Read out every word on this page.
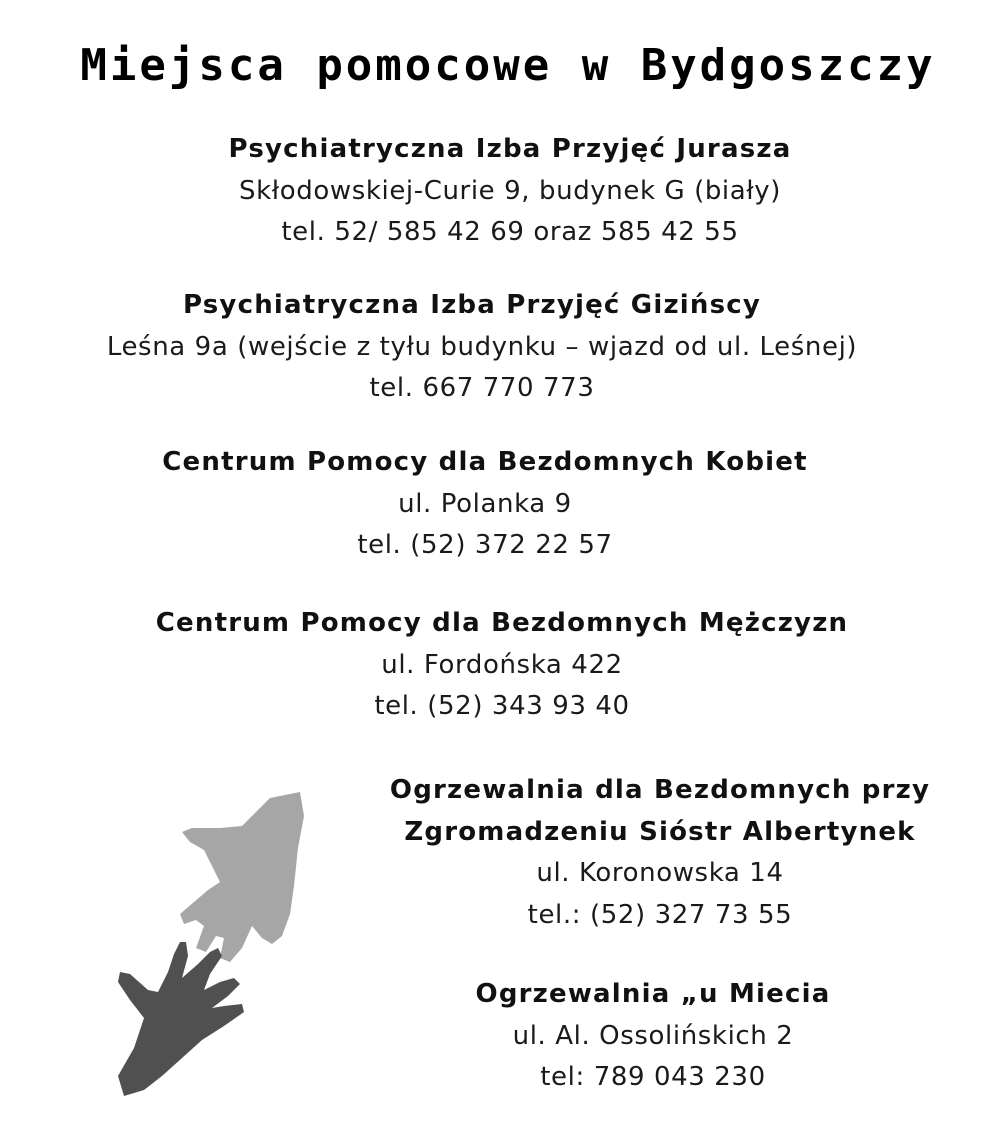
Miejsca pomocowe w Bydgoszczy
Psychiatryczna Izba Przyjęć Jurasza
Skłodowskiej-Curie 9, budynek G (biały)
tel. 52/ 585 42 69 oraz 585 42 55
Psychiatryczna Izba Przyjęć Gizińscy
Leśna 9a (wejście z tyłu budynku – wjazd od ul. Leśnej)
tel. 667 770 773
Centrum Pomocy dla Bezdomnych Kobiet
ul. Polanka 9
tel. (52) 372 22 57
Centrum Pomocy dla Bezdomnych Mężczyzn
ul. Fordońska 422
tel. (52) 343 93 40
Ogrzewalnia dla Bezdomnych przy
Zgromadzeniu Sióstr Albertynek
ul. Koronowska 14
tel.: (52) 327 73 55
Ogrzewalnia „u Miecia
ul. Al. Ossolińskich 2
tel: 789 043 230
